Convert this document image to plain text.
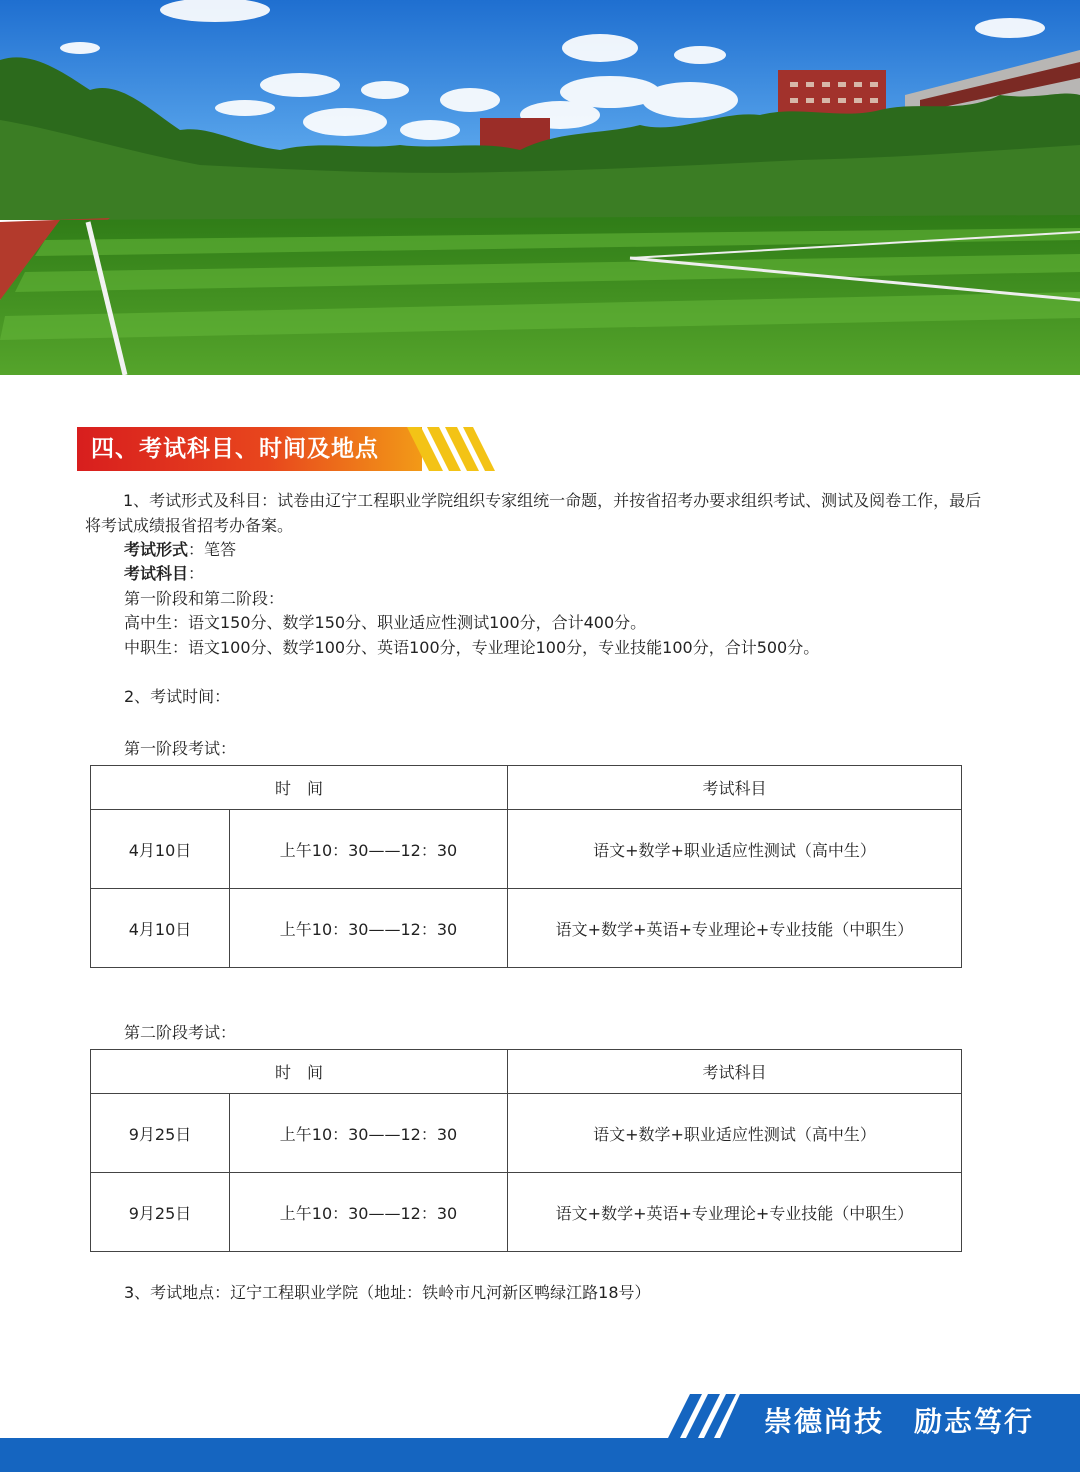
四、考试科目、时间及地点
1、考试形式及科目：试卷由辽宁工程职业学院组织专家组统一命题，并按省招考办要求组织考试、测试及阅卷工作，最后将考试成绩报省招考办备案。
考试形式：笔答
考试科目：
第一阶段和第二阶段：
高中生：语文150分、数学150分、职业适应性测试100分，合计400分。
中职生：语文100分、数学100分、英语100分，专业理论100分，专业技能100分，合计500分。
2、考试时间：
第一阶段考试：
时　间		考试科目
4月10日	上午10：30——12：30	语文+数学+职业适应性测试（高中生）
4月10日	上午10：30——12：30	语文+数学+英语+专业理论+专业技能（中职生）
第二阶段考试：
时　间		考试科目
9月25日	上午10：30——12：30	语文+数学+职业适应性测试（高中生）
9月25日	上午10：30——12：30	语文+数学+英语+专业理论+专业技能（中职生）
3、考试地点：辽宁工程职业学院（地址：铁岭市凡河新区鸭绿江路18号）
崇德尚技　励志笃行
